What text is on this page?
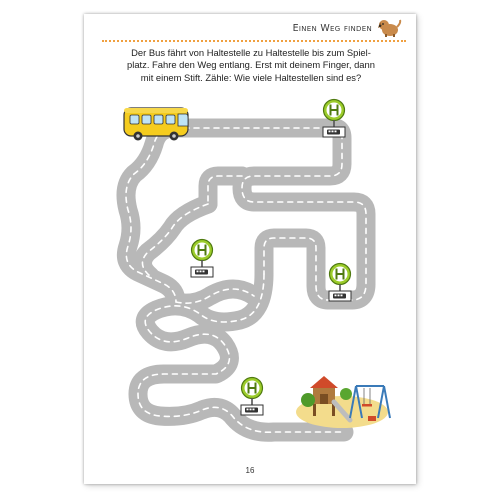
Einen Weg finden
Der Bus fährt von Haltestelle zu Haltestelle bis zum Spiel-
platz. Fahre den Weg entlang. Erst mit deinem Finger, dann
mit einem Stift. Zähle: Wie viele Haltestellen sind es?
16
